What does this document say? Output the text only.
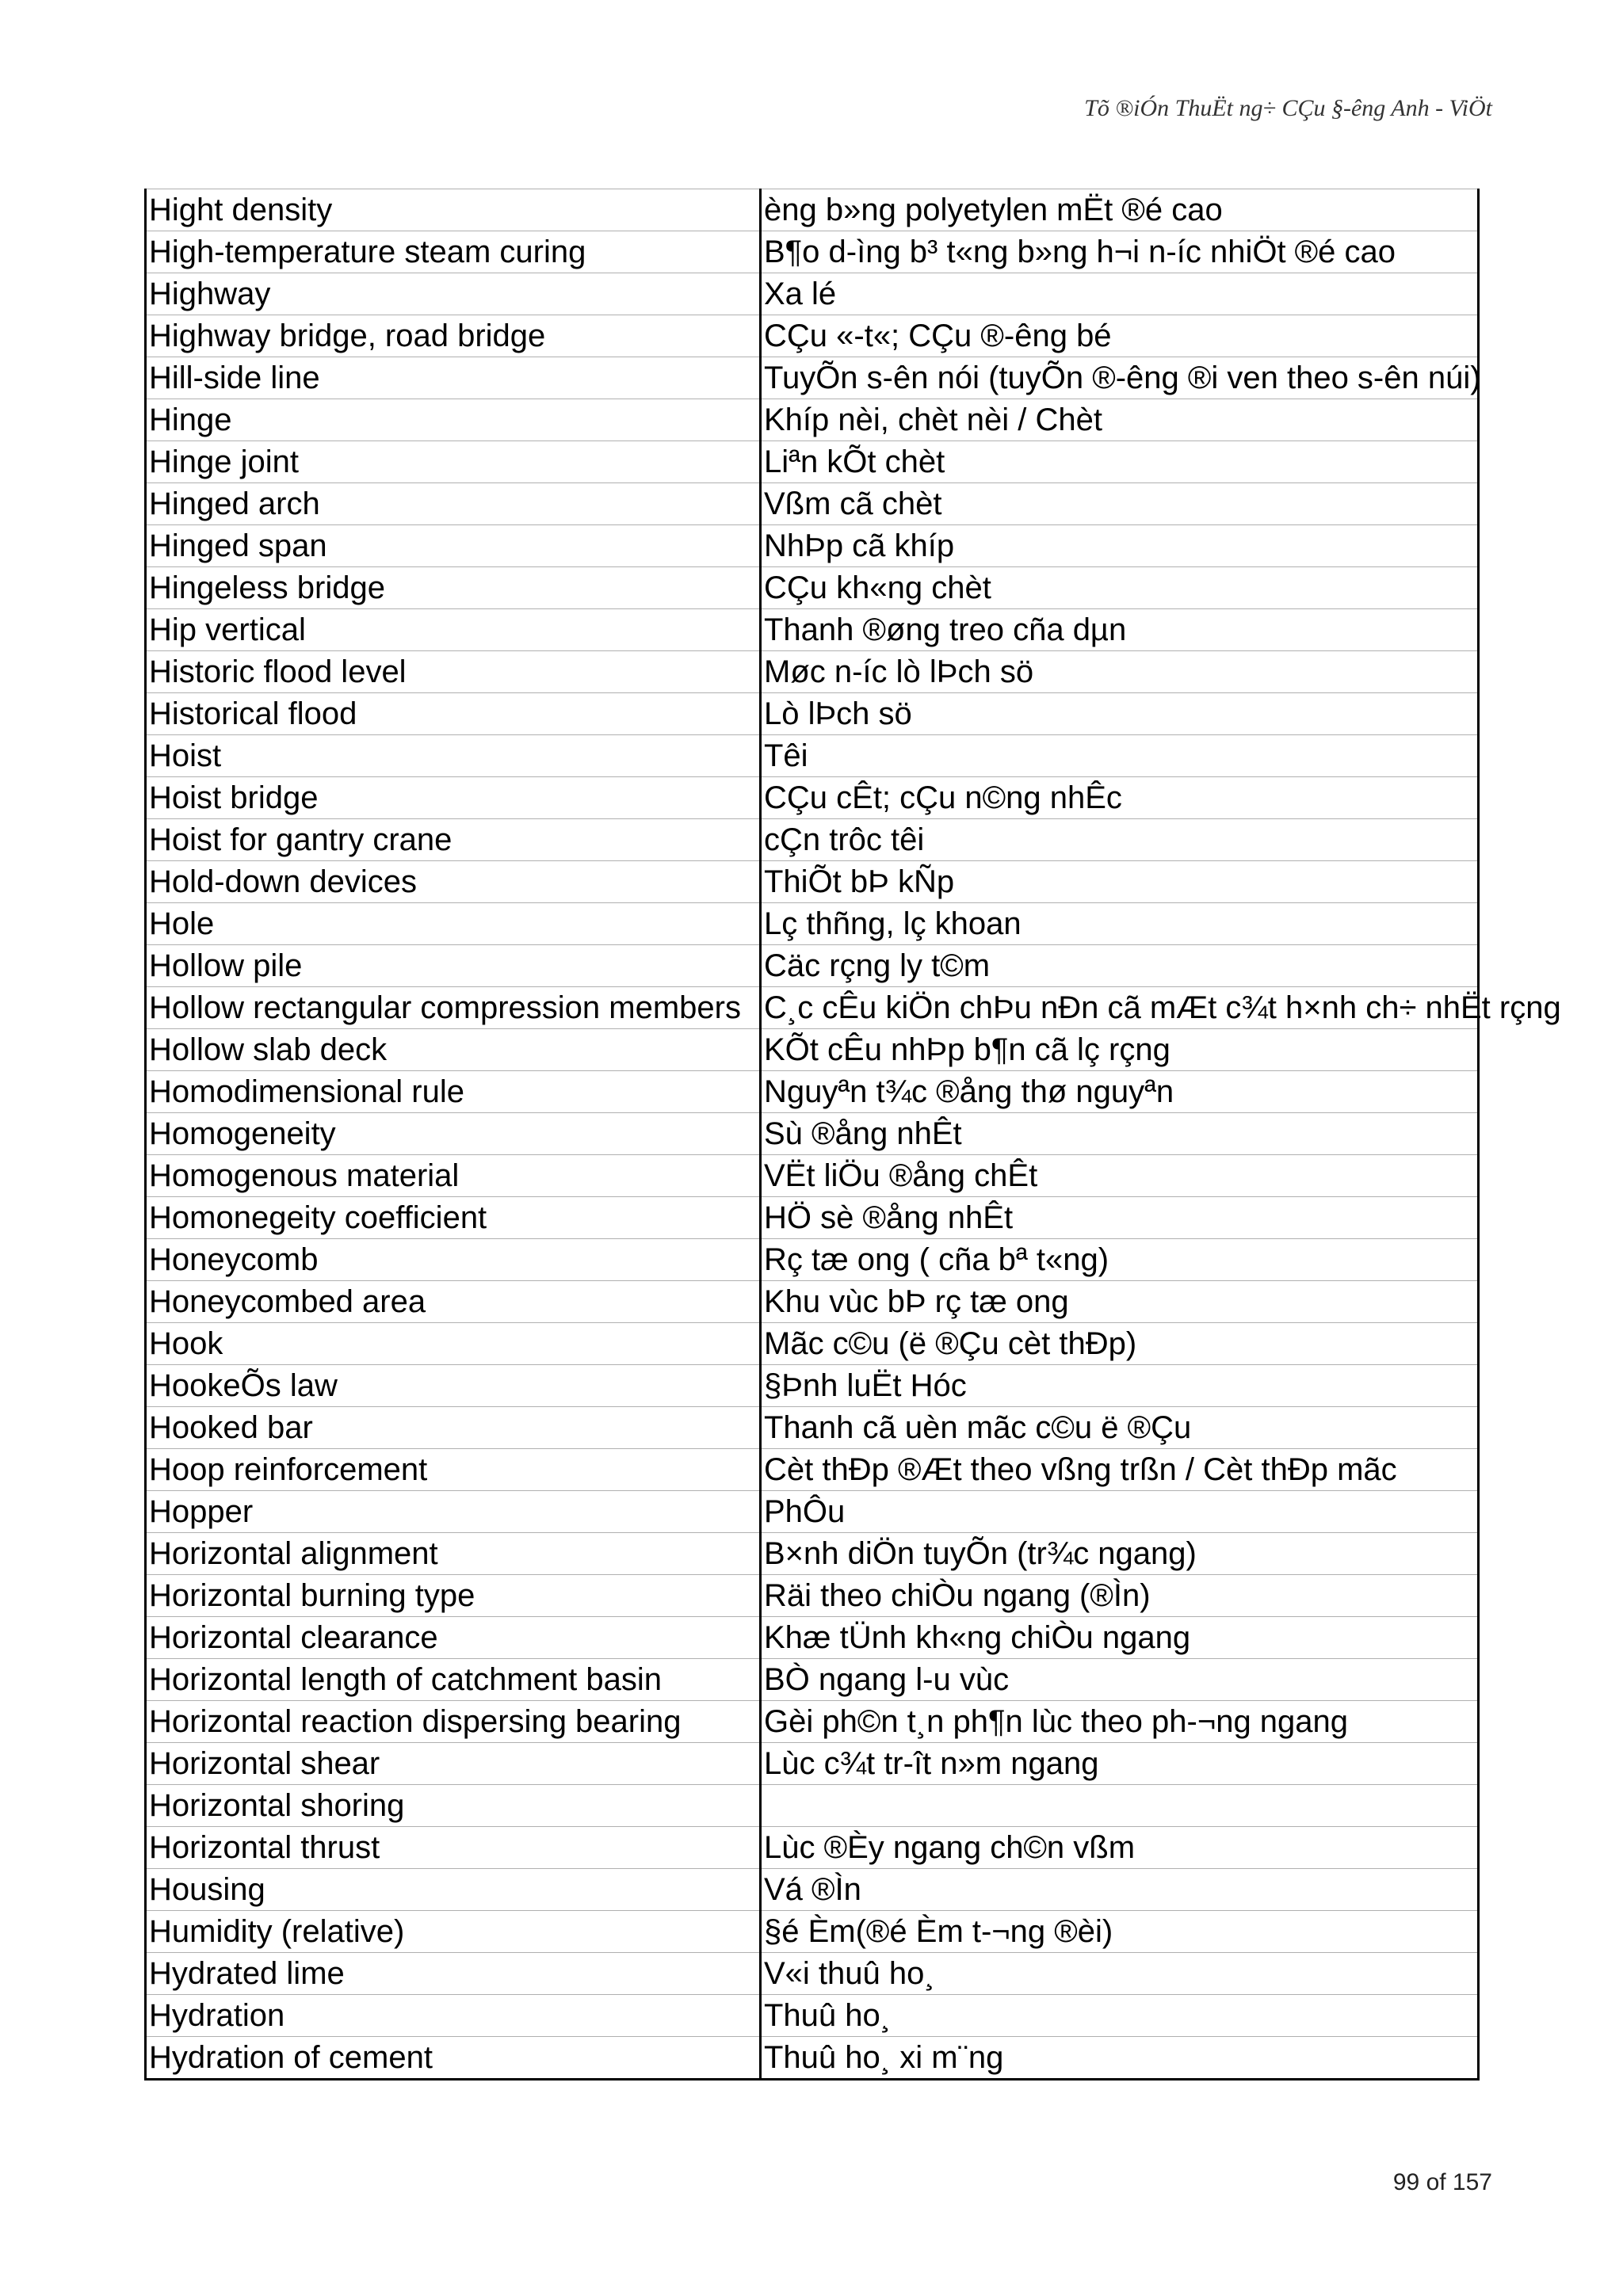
Tõ ®iÓn ThuËt ng÷ CÇu §-êng Anh - ViÖt
Hight density	èng b»ng polyetylen mËt ®é cao
High-temperature steam curing	B¶o d-ìng b³ t«ng b»ng h¬i n-íc nhiÖt ®é cao
Highway	Xa lé
Highway bridge, road bridge	CÇu «-t«; CÇu ®-êng bé
Hill-side line	TuyÕn s-ên nói (tuyÕn ®-êng ®i ven theo s-ên núi)
Hinge	Khíp nèi, chèt nèi / Chèt
Hinge joint	Liªn kÕt chèt
Hinged arch	Vßm cã chèt
Hinged span	NhÞp cã khíp
Hingeless bridge	CÇu kh«ng chèt
Hip vertical	Thanh ®øng treo cña dµn
Historic flood level	Møc n-íc lò lÞch sö
Historical flood	Lò lÞch sö
Hoist	Têi
Hoist bridge	CÇu cÊt; cÇu n©ng nhÊc
Hoist for gantry crane	cÇn trôc têi
Hold-down devices	ThiÕt bÞ kÑp
Hole	Lç thñng, lç khoan
Hollow pile	Cäc rçng ly t©m
Hollow rectangular compression members	C¸c cÊu kiÖn chÞu nÐn cã mÆt c¾t h×nh ch÷ nhËt rçng
Hollow slab deck	KÕt cÊu nhÞp b¶n cã lç rçng
Homodimensional rule	Nguyªn t¾c ®ång thø nguyªn
Homogeneity	Sù ®ång nhÊt
Homogenous material	VËt liÖu ®ång chÊt
Homonegeity coefficient	HÖ sè ®ång nhÊt
Honeycomb	Rç tæ ong ( cña bª t«ng)
Honeycombed area	Khu vùc bÞ rç tæ ong
Hook	Mãc c©u (ë ®Çu cèt thÐp)
HookeÕs law	§Þnh luËt Hóc
Hooked bar	Thanh cã uèn mãc c©u ë ®Çu
Hoop reinforcement	Cèt thÐp ®Æt theo vßng trßn / Cèt thÐp mãc
Hopper	PhÔu
Horizontal alignment	B×nh diÖn tuyÕn (tr¾c ngang)
Horizontal burning type	Räi theo chiÒu ngang (®Ìn)
Horizontal clearance	Khæ tÜnh kh«ng chiÒu ngang
Horizontal length of catchment basin	BÒ ngang l-u vùc
Horizontal reaction dispersing bearing	Gèi ph©n t¸n ph¶n lùc theo ph-¬ng ngang
Horizontal shear	Lùc c¾t tr-ît n»m ngang
Horizontal shoring	
Horizontal thrust	Lùc ®Èy ngang ch©n vßm
Housing	Vá ®Ìn
Humidity (relative)	§é Èm(®é Èm t-¬ng ®èi)
Hydrated lime	V«i thuû ho¸
Hydration	Thuû ho¸
Hydration of cement	Thuû ho¸ xi m¨ng
99 of 157
